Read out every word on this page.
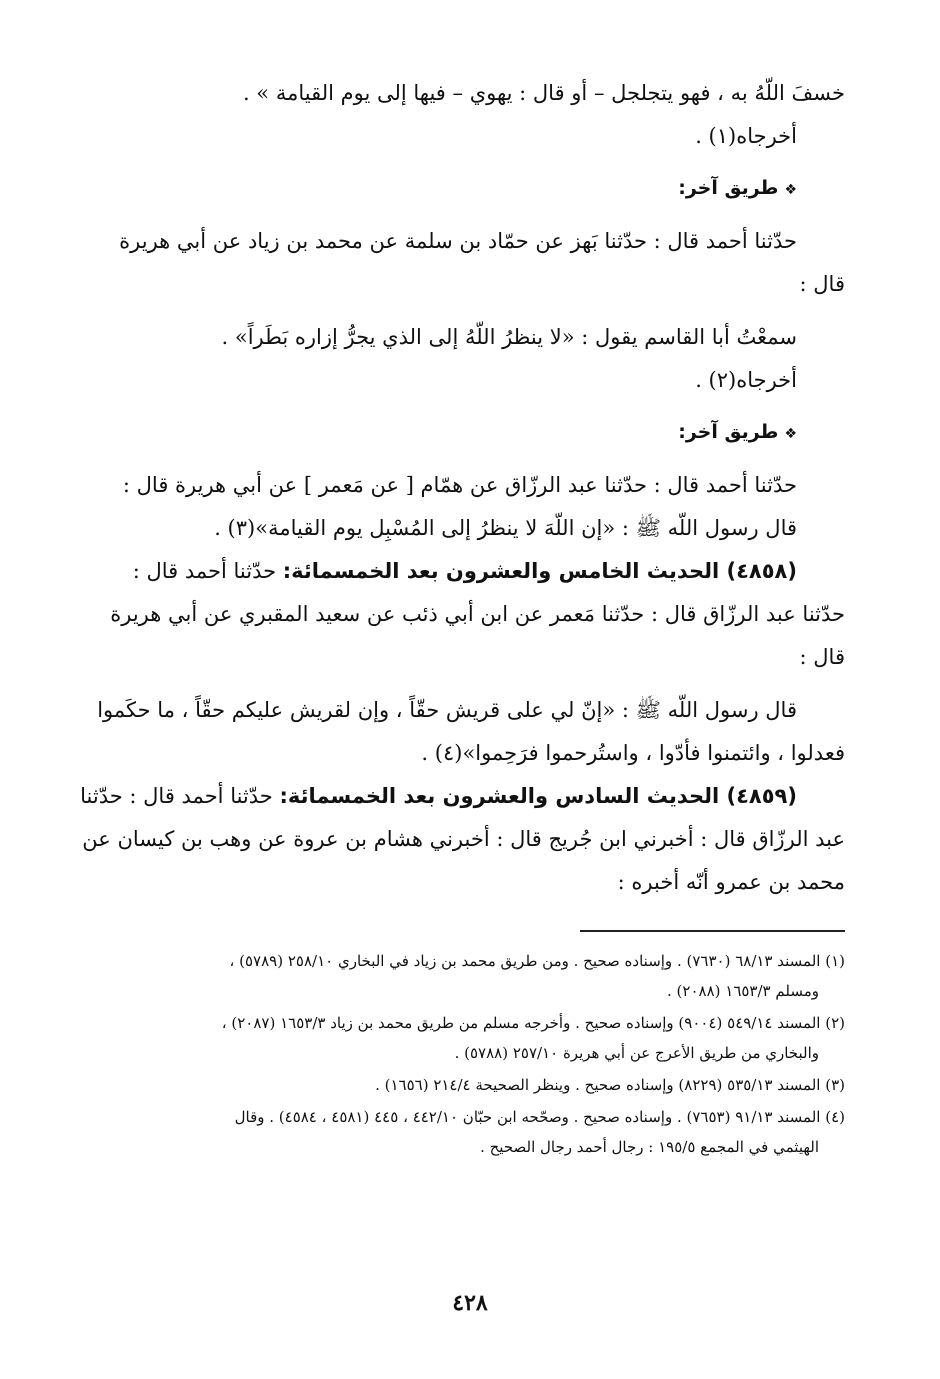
خسفَ اللّهُ به ، فهو يتجلجل – أو قال : يهوي – فيها إلى يوم القيامة » .

أخرجاه(١) .

❖طريق آخر:

حدّثنا أحمد قال : حدّثنا بَهز عن حمّاد بن سلمة عن محمد بن زياد عن أبي هريرة

قال :

سمعْتُ أبا القاسم يقول : «لا ينظرُ اللّهُ إلى الذي يجرُّ إزاره بَطَراً» .

أخرجاه(٢) .

❖طريق آخر:

حدّثنا أحمد قال : حدّثنا عبد الرزّاق عن همّام [ عن مَعمر ] عن أبي هريرة قال :

قال رسول اللّه ﷺ : «إن اللّهَ لا ينظرُ إلى المُسْبِل يوم القيامة»(٣) .

(٤٨٥٨) الحديث الخامس والعشرون بعد الخمسمائة: حدّثنا أحمد قال :

حدّثنا عبد الرزّاق قال : حدّثنا مَعمر عن ابن أبي ذئب عن سعيد المقبري عن أبي هريرة

قال :

قال رسول اللّه ﷺ : «إنّ لي على قريش حقّاً ، وإن لقريش عليكم حقّاً ، ما حكَموا

فعدلوا ، وائتمنوا فأدّوا ، واستُرحموا فرَحِموا»(٤) .

(٤٨٥٩) الحديث السادس والعشرون بعد الخمسمائة: حدّثنا أحمد قال : حدّثنا

عبد الرزّاق قال : أخبرني ابن جُريج قال : أخبرني هشام بن عروة عن وهب بن كيسان عن

محمد بن عمرو أنّه أخبره :

(١) المسند ٦٨/١٣ (٧٦٣٠) . وإسناده صحيح . ومن طريق محمد بن زياد في البخاري ٢٥٨/١٠ (٥٧٨٩) ،
ومسلم ١٦٥٣/٣ (٢٠٨٨) .

(٢) المسند ٥٤٩/١٤ (٩٠٠٤) وإسناده صحيح . وأخرجه مسلم من طريق محمد بن زياد ١٦٥٣/٣ (٢٠٨٧) ،
والبخاري من طريق الأعرج عن أبي هريرة ٢٥٧/١٠ (٥٧٨٨) .

(٣) المسند ٥٣٥/١٣ (٨٢٢٩) وإسناده صحيح . وينظر الصحيحة ٢١٤/٤ (١٦٥٦) .

(٤) المسند ٩١/١٣ (٧٦٥٣) . وإسناده صحيح . وصحّحه ابن حبّان ٤٤٢/١٠ ، ٤٤٥ (٤٥٨١ ، ٤٥٨٤) . وقال
الهيثمي في المجمع ١٩٥/٥ : رجال أحمد رجال الصحيح .

٤٢٨
